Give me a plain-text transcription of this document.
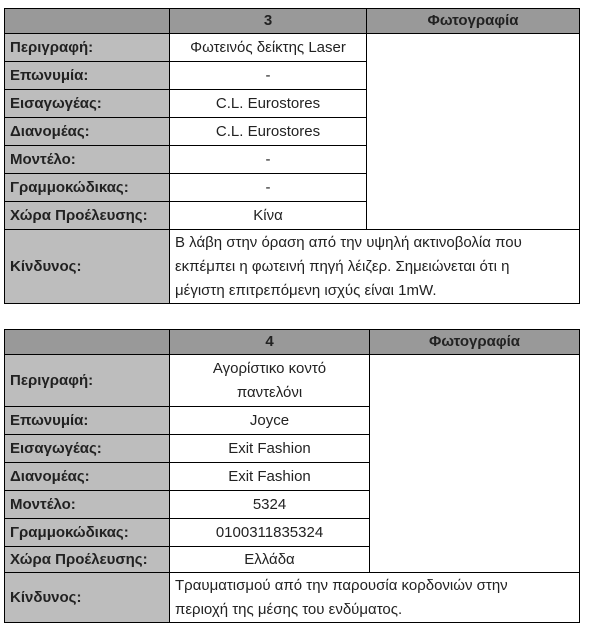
	3	Φωτογραφία
Περιγραφή:	Φωτεινός δείκτης Laser	
Επωνυμία:	-	
Εισαγωγέας:	C.L. Eurostores	
Διανομέας:	C.L. Eurostores	
Μοντέλο:	-	
Γραμμοκώδικας:	-	
Χώρα Προέλευσης:	Κίνα	
Κίνδυνος:	Β λάβη στην όραση από την υψηλή ακτινοβολία που
εκπέμπει η φωτεινή πηγή λέιζερ. Σημειώνεται ότι η
μέγιστη επιτρεπόμενη ισχύς είναι 1mW.	
	4	Φωτογραφία
Περιγραφή:	Αγορίστικο κοντό
παντελόνι	

Επωνυμία:	Joyce	
Εισαγωγέας:	Exit Fashion	
Διανομέας:	Exit Fashion	
Μοντέλο:	5324	
Γραμμοκώδικας:	0100311835324	
Χώρα Προέλευσης:	Ελλάδα	
Κίνδυνος:	Τραυματισμού από την παρουσία κορδονιών στην
περιοχή της μέσης του ενδύματος.	
